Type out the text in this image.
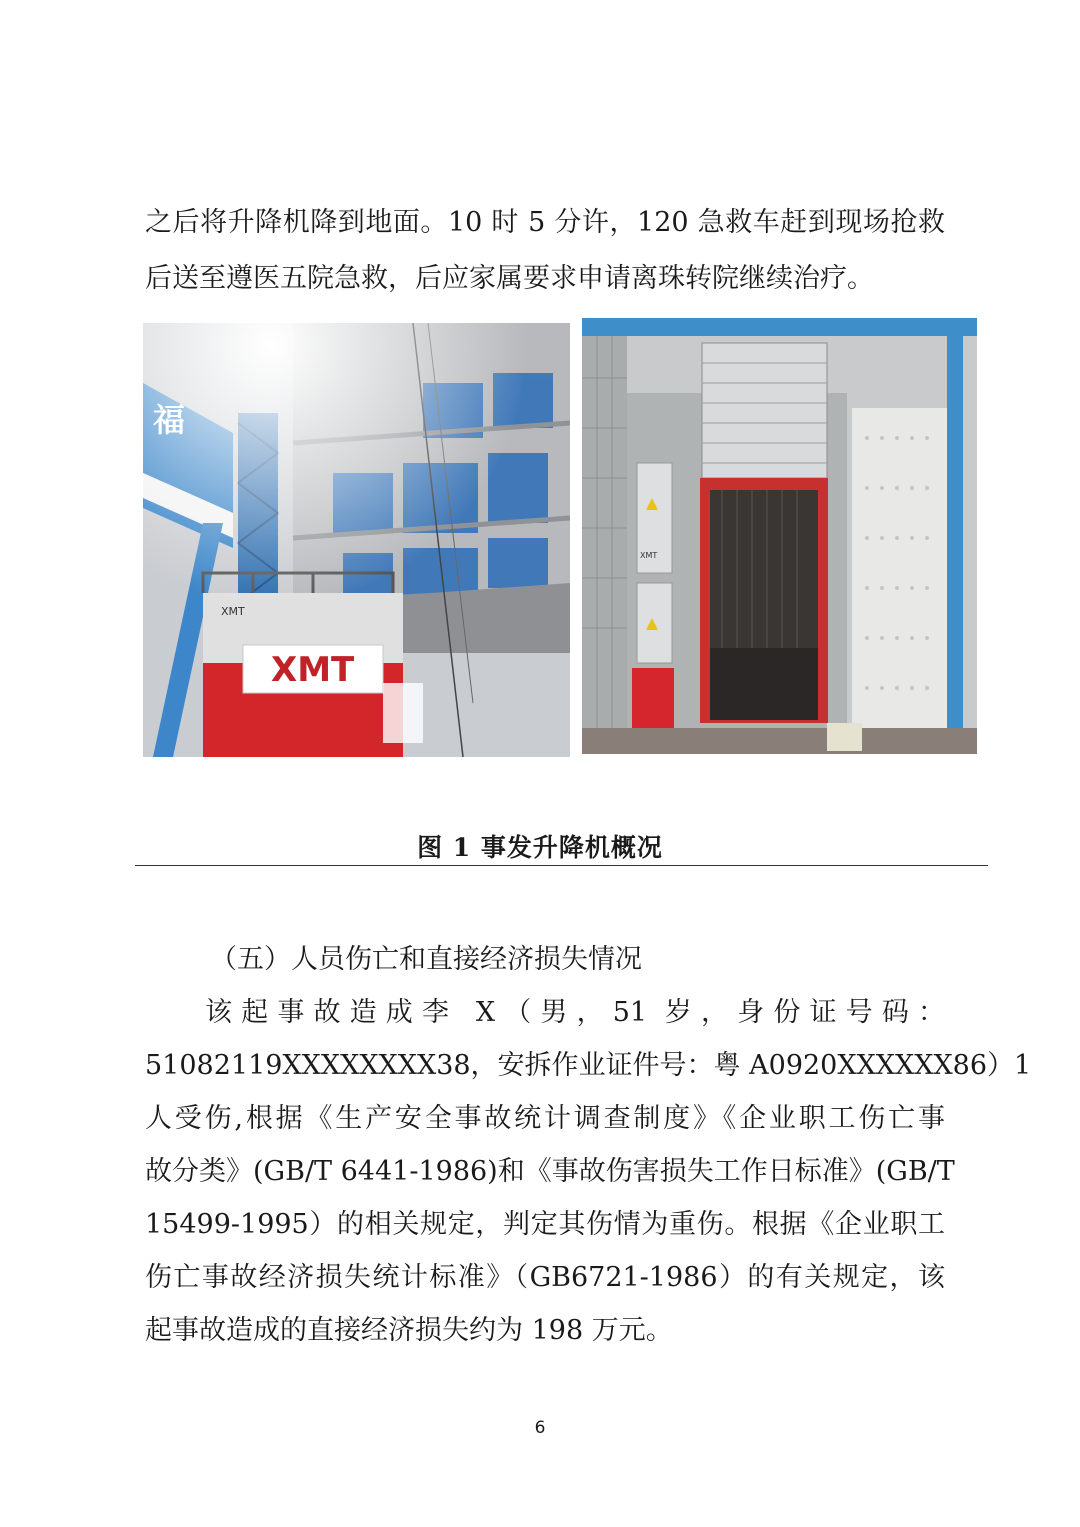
之后将升降机降到地面。10 时 5 分许，120 急救车赶到现场抢救
后送至遵医五院急救，后应家属要求申请离珠转院继续治疗。
XMT
图 1 事发升降机概况
（五）人员伤亡和直接经济损失情况
该起事故造成李 X（男，51 岁，身份证号码：
51082119XXXXXXXX38，安拆作业证件号：粤 A0920XXXXXX86）1
人受伤,根据《生产安全事故统计调查制度》《企业职工伤亡事
故分类》(GB/T 6441-1986)和《事故伤害损失工作日标准》(GB/T
15499-1995）的相关规定，判定其伤情为重伤。根据《企业职工
伤亡事故经济损失统计标准》（GB6721-1986）的有关规定，该
起事故造成的直接经济损失约为 198 万元。
6
